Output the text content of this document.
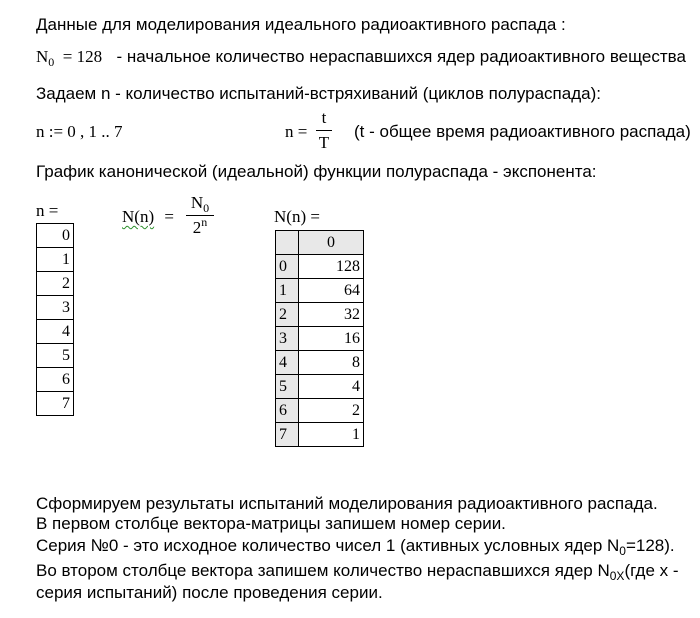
Данные для моделирования идеального радиоактивного распада :
$N_0 = 128$ - начальное количество нераспавшихся ядер радиоактивного вещества
Задаем n - количество испытаний-встряхиваний (циклов полураспада):
n := 0 , 1 .. 7	n =
t
T
(t - общее время радиоактивного распада)
График канонической (идеальной) функции полураспада - экспонента:
N(n) =
$N_0$
2$^n$
n =
0
1
2
3
4
5
6
7
N(n) =
	0
0	128
1	64
2	32
3	16
4	8
5	4
6	2
7	1
Сформируем результаты испытаний моделирования радиоактивного распада.
В первом столбце вектора-матрицы запишем номер серии.
Серия №0 - это исходное количество чисел 1 (активных условных ядер $N_0=128$).
Во втором столбце вектора запишем количество нераспавшихся ядер $N_{0X}(где$ x -
серия испытаний) после проведения серии.
